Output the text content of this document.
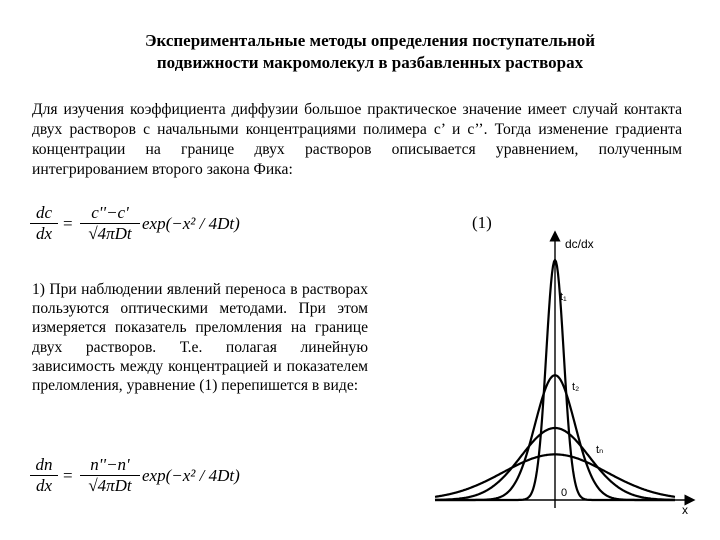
Экспериментальные методы определения поступательной
подвижности макромолекул в разбавленных растворах

Для изучения коэффициента диффузии большое практическое значение имеет случай контакта двух растворов с начальными концентрациями полимера с’ и с’’. Тогда изменение градиента концентрации на границе двух растворов описывается уравнением, полученным интегрированием второго закона Фика:

dc
dx
=
c''−c'
√4πDt
exp(−x² / 4Dt)	(1)

1) При наблюдении явлений переноса в растворах пользуются оптическими методами. При этом измеряется показатель преломления на границе двух растворов. Т.е. полагая линейную зависимость между концентрацией и показателем преломления, уравнение (1) перепишется в виде:

dn
dx
=
n''−n'
√4πDt
exp(−x² / 4Dt)
dc/dx
x
0
t₁
t₂
tₙ
